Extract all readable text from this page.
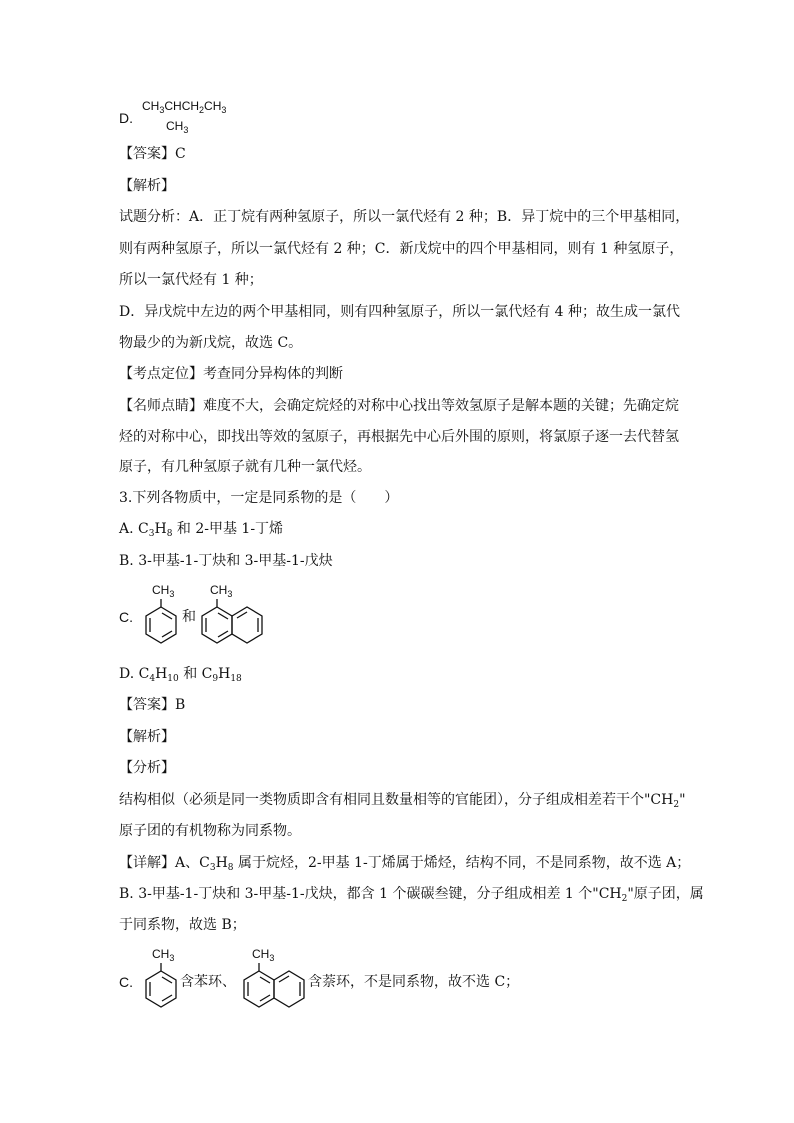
D.
$CH_3CHCH_2CH_3$
$CH_3$
【答案】C
【解析】
试题分析：A．正丁烷有两种氢原子，所以一氯代烃有 2 种；B．异丁烷中的三个甲基相同，
则有两种氢原子，所以一氯代烃有 2 种；C．新戊烷中的四个甲基相同，则有 1 种氢原子，
所以一氯代烃有 1 种；
D．异戊烷中左边的两个甲基相同，则有四种氢原子，所以一氯代烃有 4 种；故生成一氯代
物最少的为新戊烷，故选 C。
【考点定位】考查同分异构体的判断
【名师点睛】难度不大，会确定烷烃的对称中心找出等效氢原子是解本题的关键；先确定烷
烃的对称中心，即找出等效的氢原子，再根据先中心后外围的原则，将氯原子逐一去代替氢
原子，有几种氢原子就有几种一氯代烃。
3.下列各物质中，一定是同系物的是（　　）
A. $C_3H_8$ 和 2-甲基 1-丁烯
B. 3-甲基-1-丁炔和 3-甲基-1-戊炔
C.
$CH_3$
和
$CH_3$
D. $C_4H_{10}$ 和 $C_9H_{18}$
【答案】B
【解析】
【分析】
结构相似（必须是同一类物质即含有相同且数量相等的官能团），分子组成相差若干个"$CH_2$"
原子团的有机物称为同系物。
【详解】A、$C_3H_8$ 属于烷烃，2-甲基 1-丁烯属于烯烃，结构不同，不是同系物，故不选 A；
B. 3-甲基-1-丁炔和 3-甲基-1-戊炔，都含 1 个碳碳叁键，分子组成相差 1 个"$CH_2$"原子团，属
于同系物，故选 B；
C.
$CH_3$
含苯环、
$CH_3$
含萘环，不是同系物，故不选 C；
